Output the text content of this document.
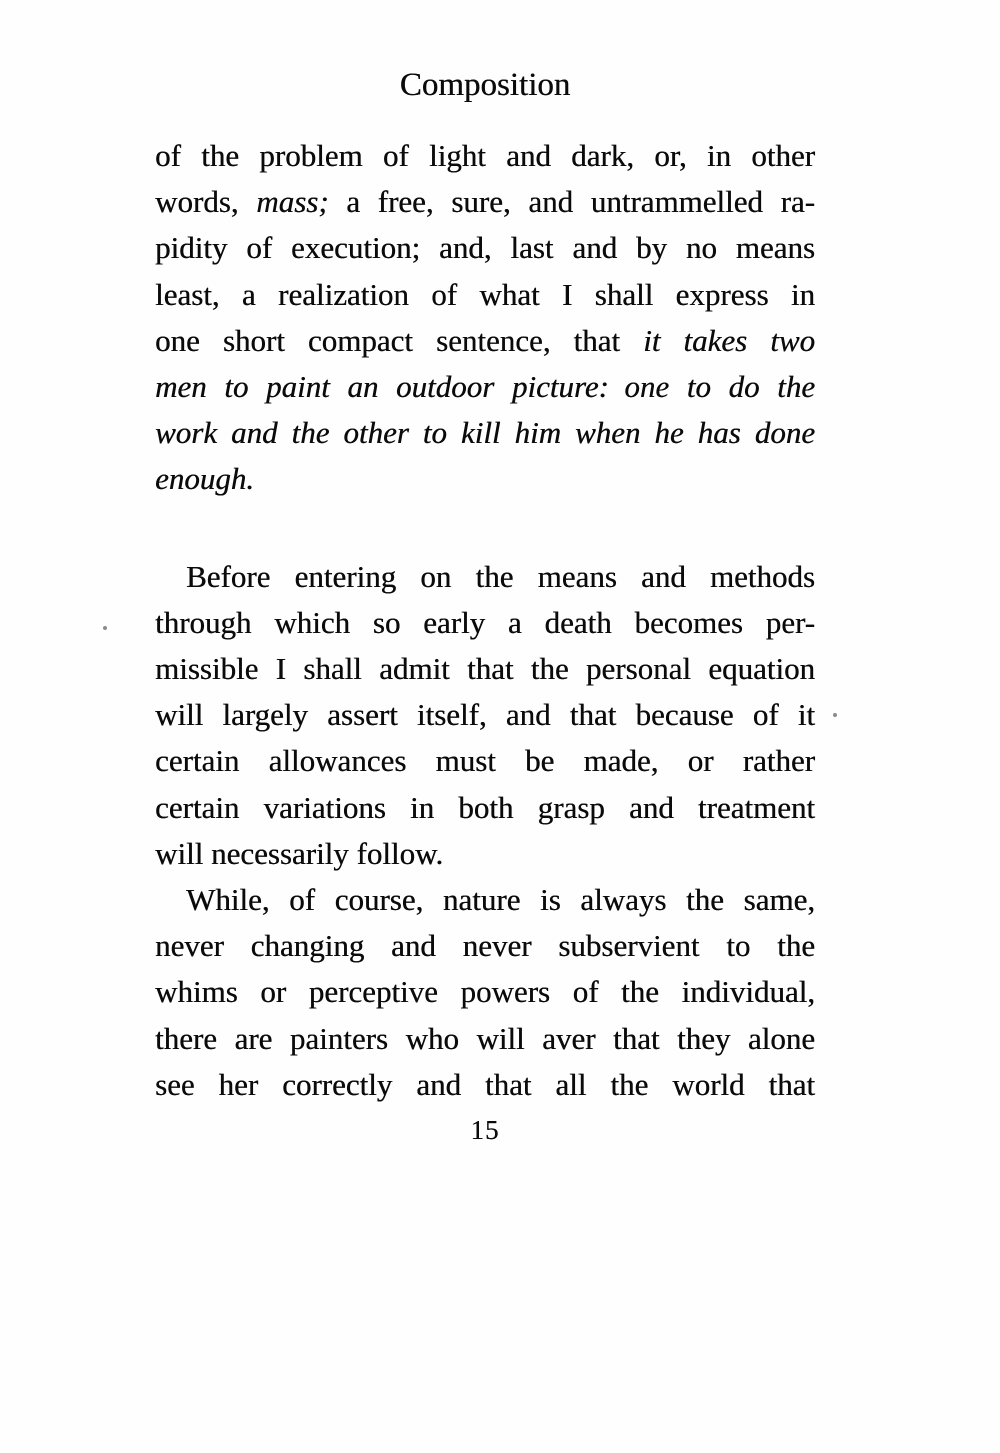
Composition
of the problem of light and dark, or, in other
words, mass; a free, sure, and untrammelled ra-
pidity of execution; and, last and by no means
least, a realization of what I shall express in
one short compact sentence, that it takes two
men to paint an outdoor picture: one to do the
work and the other to kill him when he has done
enough.
Before entering on the means and methods
through which so early a death becomes per-
missible I shall admit that the personal equation
will largely assert itself, and that because of it
certain allowances must be made, or rather
certain variations in both grasp and treatment
will necessarily follow.
While, of course, nature is always the same,
never changing and never subservient to the
whims or perceptive powers of the individual,
there are painters who will aver that they alone
see her correctly and that all the world that
15
